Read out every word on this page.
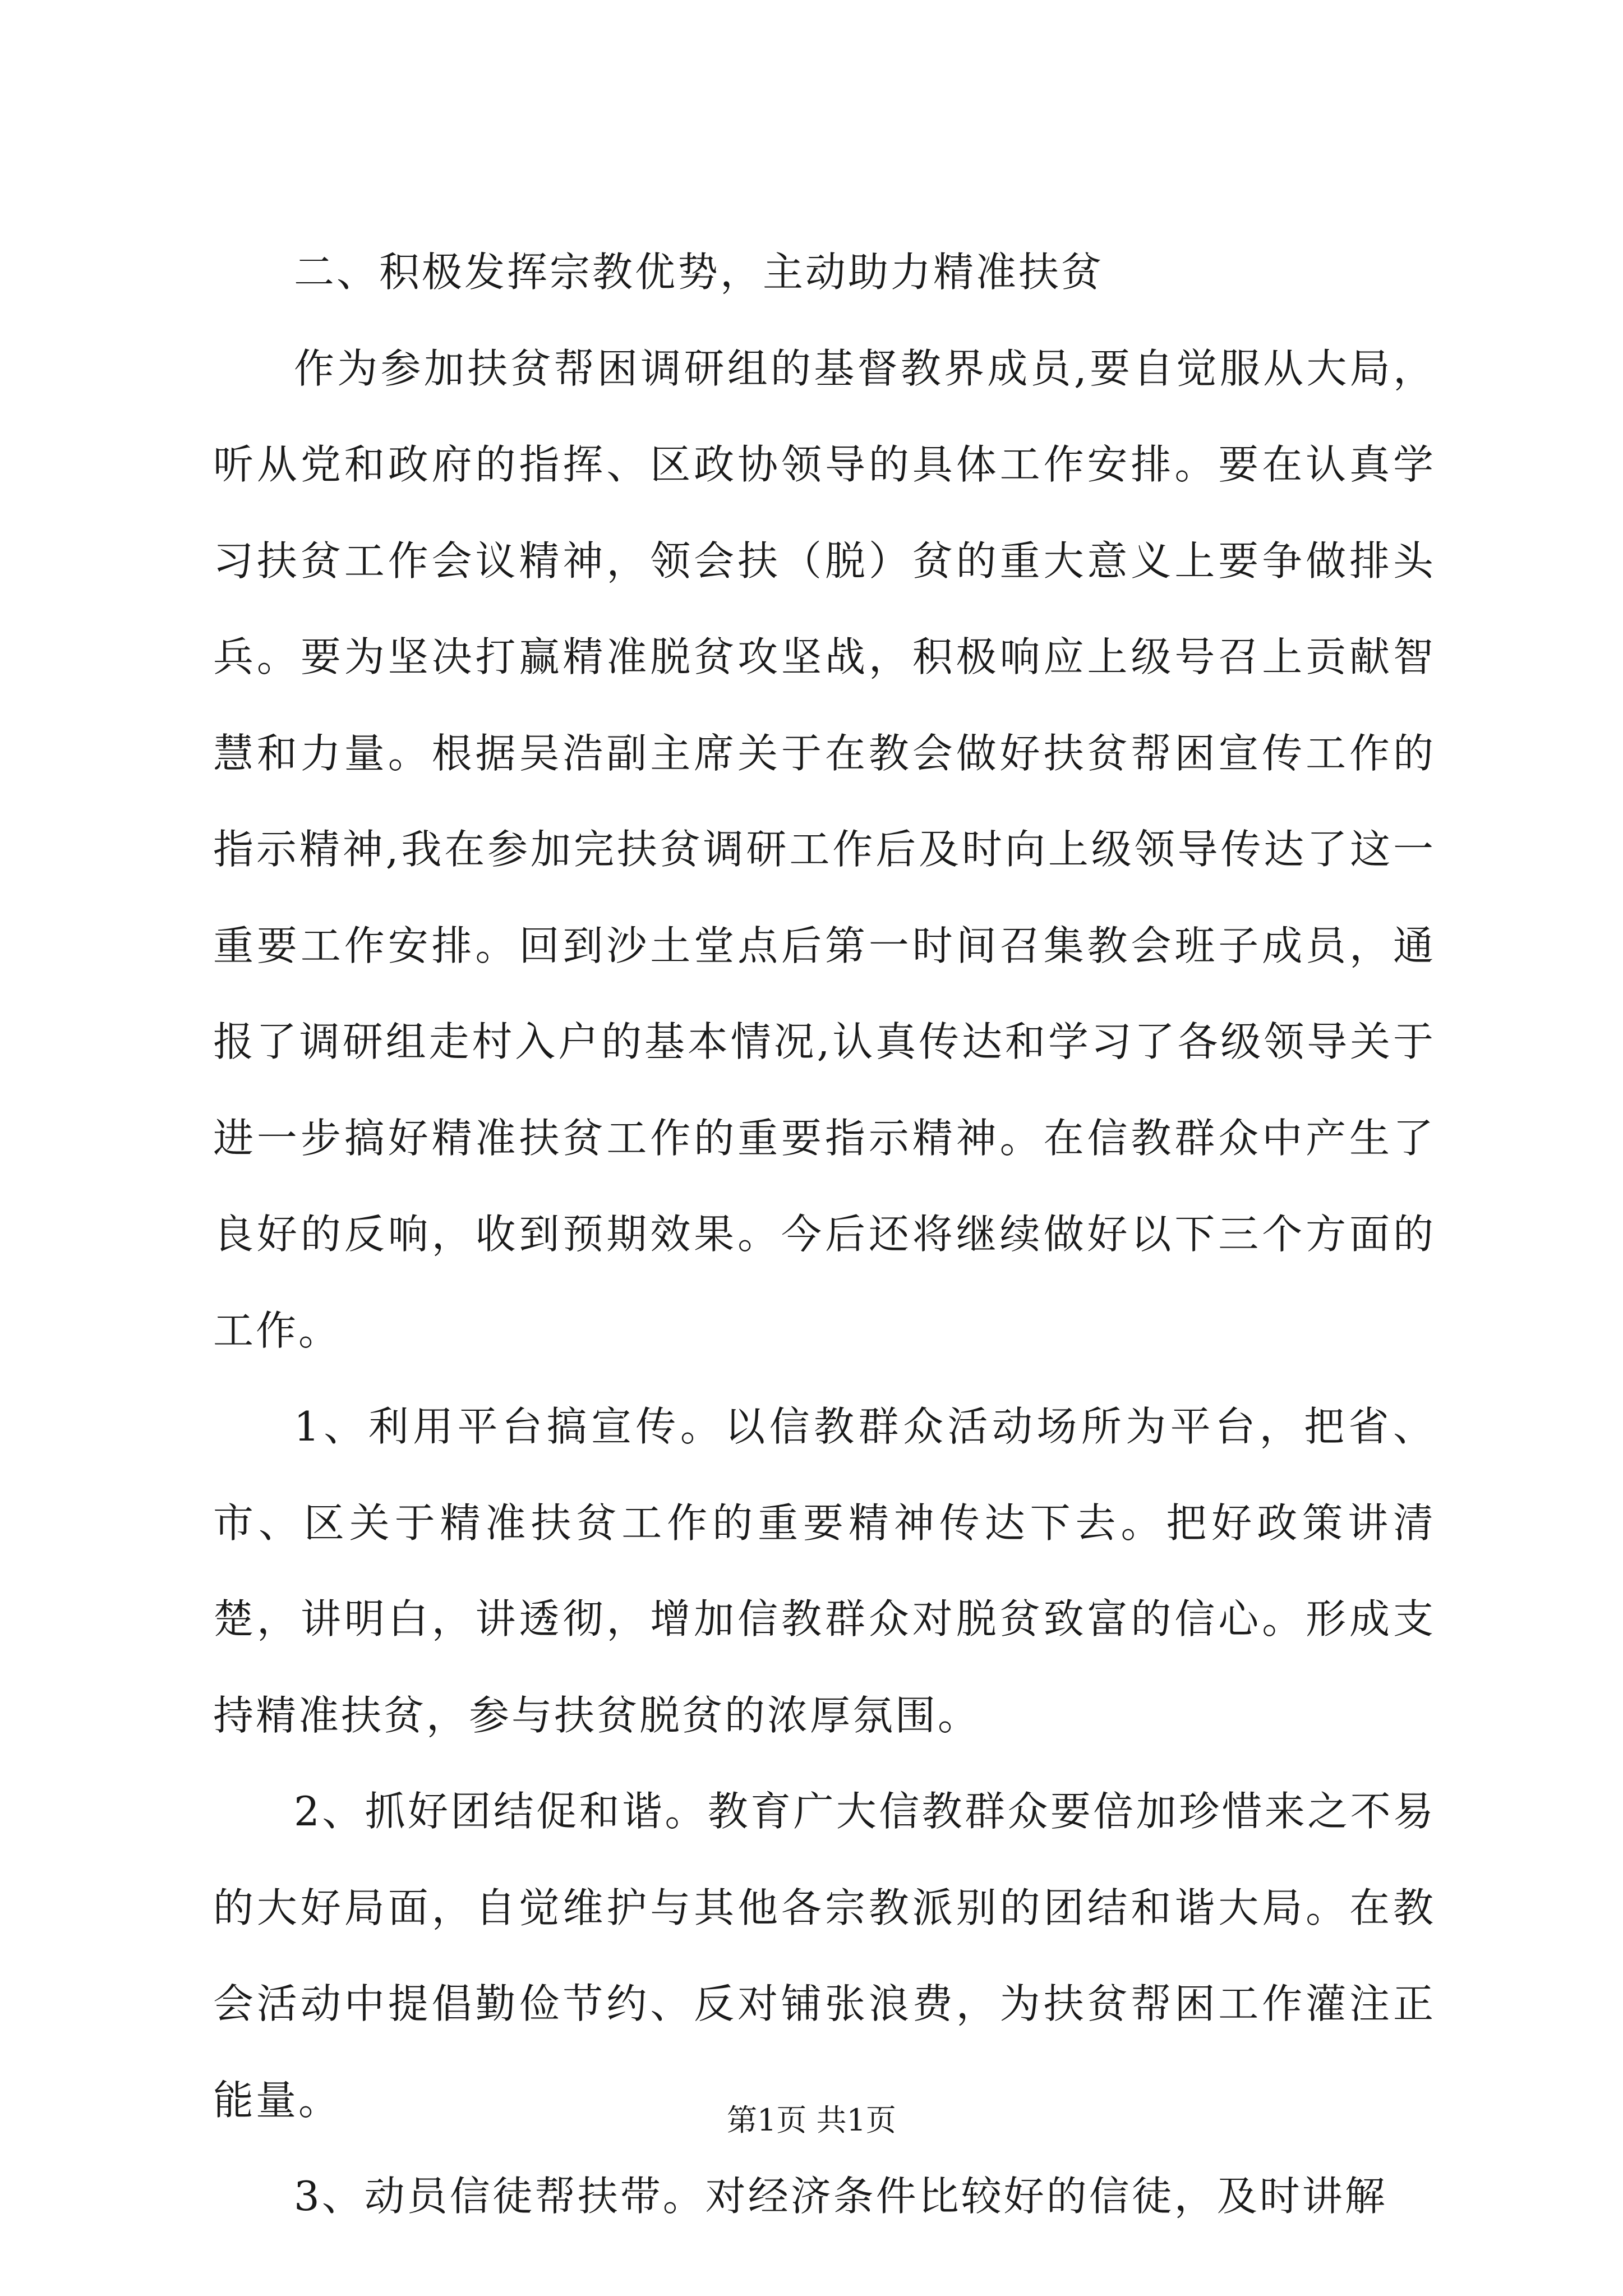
二、积极发挥宗教优势，主动助力精准扶贫

作为参加扶贫帮困调研组的基督教界成员,要自觉服从大局，听从党和政府的指挥、区政协领导的具体工作安排。要在认真学习扶贫工作会议精神，领会扶（脱）贫的重大意义上要争做排头兵。要为坚决打赢精准脱贫攻坚战，积极响应上级号召上贡献智慧和力量。根据吴浩副主席关于在教会做好扶贫帮困宣传工作的指示精神,我在参加完扶贫调研工作后及时向上级领导传达了这一重要工作安排。回到沙土堂点后第一时间召集教会班子成员，通报了调研组走村入户的基本情况,认真传达和学习了各级领导关于进一步搞好精准扶贫工作的重要指示精神。在信教群众中产生了良好的反响，收到预期效果。今后还将继续做好以下三个方面的工作。

1、利用平台搞宣传。以信教群众活动场所为平台，把省、市、区关于精准扶贫工作的重要精神传达下去。把好政策讲清楚，讲明白，讲透彻，增加信教群众对脱贫致富的信心。形成支持精准扶贫，参与扶贫脱贫的浓厚氛围。

2、抓好团结促和谐。教育广大信教群众要倍加珍惜来之不易的大好局面，自觉维护与其他各宗教派别的团结和谐大局。在教会活动中提倡勤俭节约、反对铺张浪费，为扶贫帮困工作灌注正能量。

3、动员信徒帮扶带。对经济条件比较好的信徒，及时讲解

第1页 共1页
